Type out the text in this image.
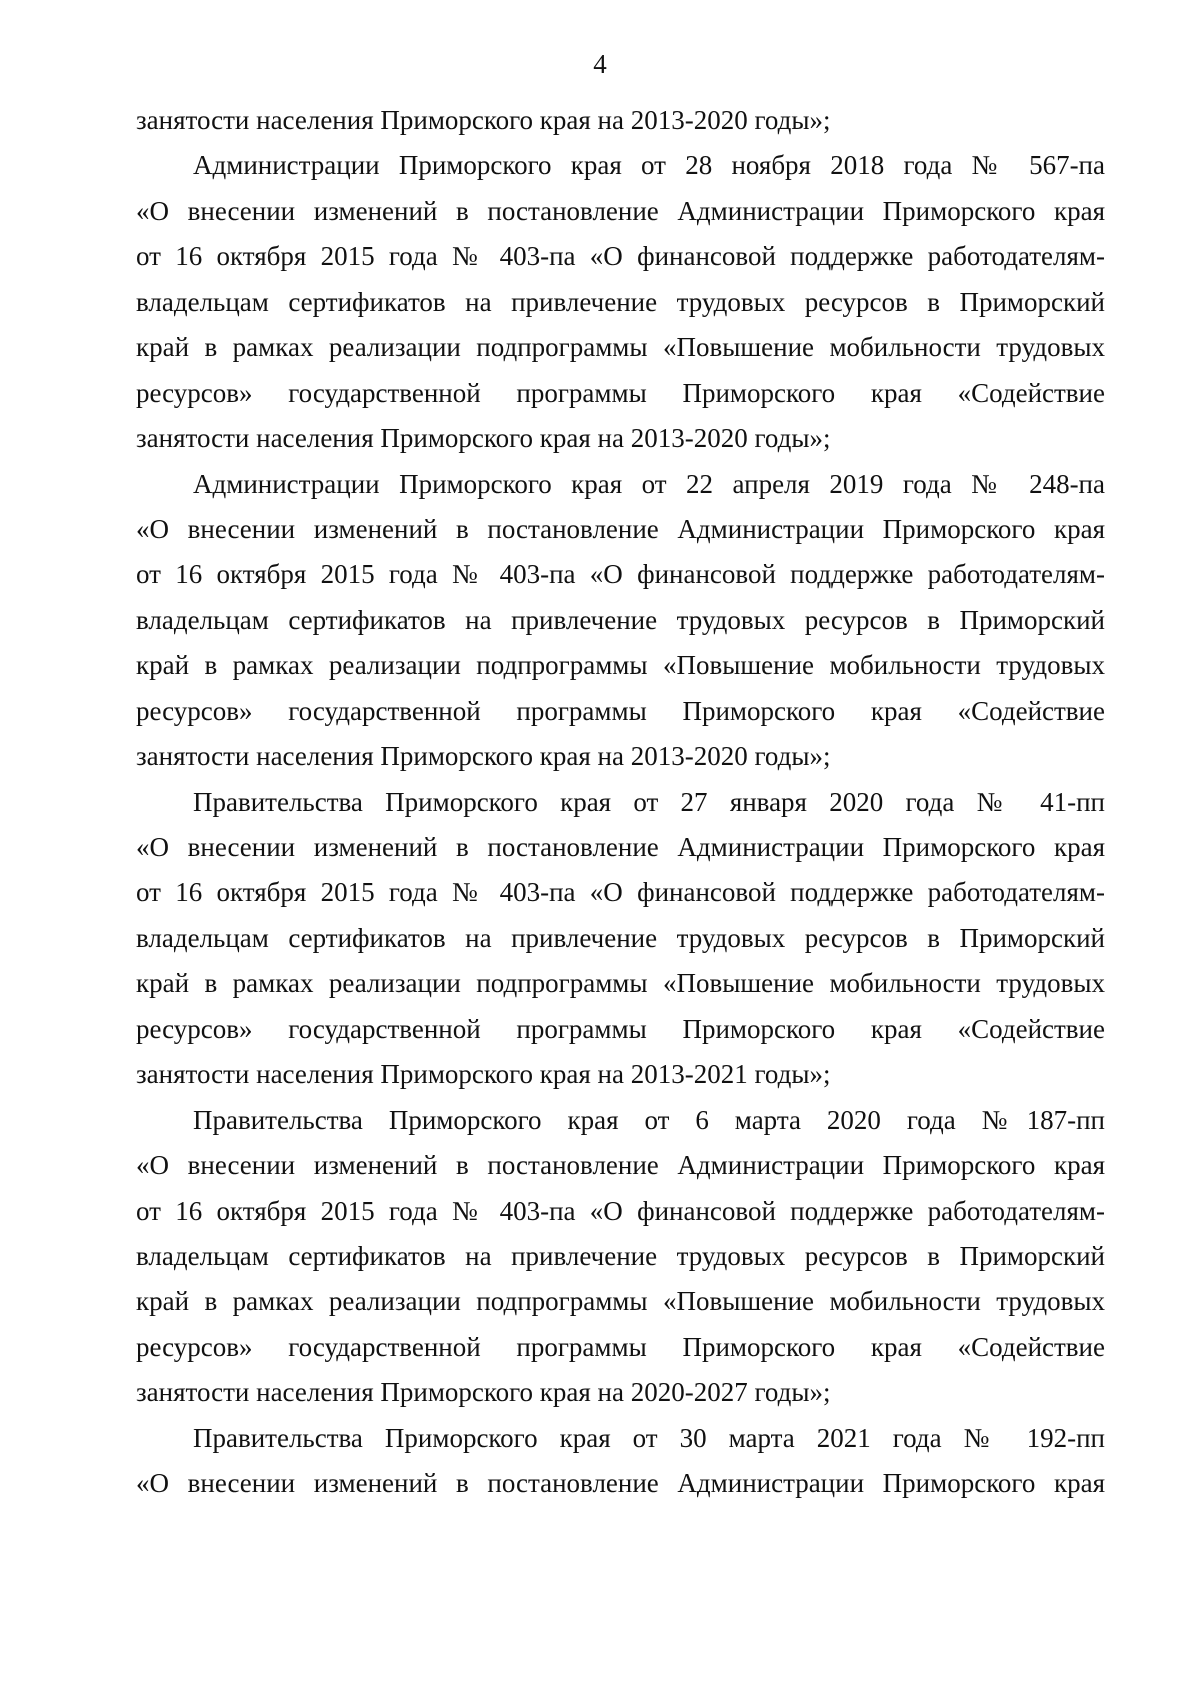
4
занятости населения Приморского края на 2013-2020 годы»;
Администрации Приморского края от 28 ноября 2018 года № 567-па
«О внесении изменений в постановление Администрации Приморского края
от 16 октября 2015 года № 403-па «О финансовой поддержке работодателям-
владельцам сертификатов на привлечение трудовых ресурсов в Приморский
край в рамках реализации подпрограммы «Повышение мобильности трудовых
ресурсов» государственной программы Приморского края «Содействие
занятости населения Приморского края на 2013-2020 годы»;
Администрации Приморского края от 22 апреля 2019 года № 248-па
«О внесении изменений в постановление Администрации Приморского края
от 16 октября 2015 года № 403-па «О финансовой поддержке работодателям-
владельцам сертификатов на привлечение трудовых ресурсов в Приморский
край в рамках реализации подпрограммы «Повышение мобильности трудовых
ресурсов» государственной программы Приморского края «Содействие
занятости населения Приморского края на 2013-2020 годы»;
Правительства Приморского края от 27 января 2020 года № 41-пп
«О внесении изменений в постановление Администрации Приморского края
от 16 октября 2015 года № 403-па «О финансовой поддержке работодателям-
владельцам сертификатов на привлечение трудовых ресурсов в Приморский
край в рамках реализации подпрограммы «Повышение мобильности трудовых
ресурсов» государственной программы Приморского края «Содействие
занятости населения Приморского края на 2013-2021 годы»;
Правительства Приморского края от 6 марта 2020 года №187-пп
«О внесении изменений в постановление Администрации Приморского края
от 16 октября 2015 года № 403-па «О финансовой поддержке работодателям-
владельцам сертификатов на привлечение трудовых ресурсов в Приморский
край в рамках реализации подпрограммы «Повышение мобильности трудовых
ресурсов» государственной программы Приморского края «Содействие
занятости населения Приморского края на 2020-2027 годы»;
Правительства Приморского края от 30 марта 2021 года № 192-пп
«О внесении изменений в постановление Администрации Приморского края
